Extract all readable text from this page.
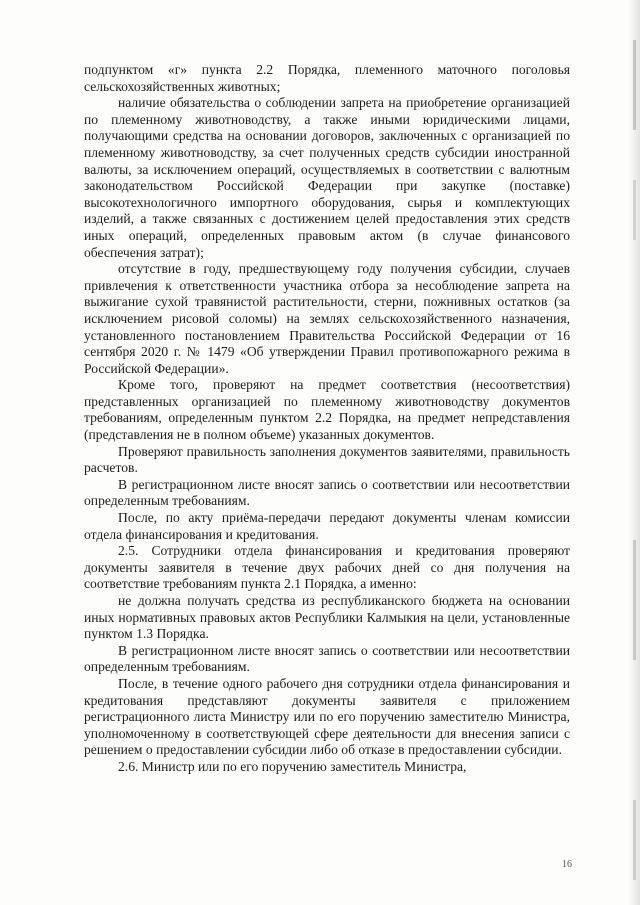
подпунктом «г» пункта 2.2 Порядка, племенного маточного поголовья сельскохозяйственных животных;

наличие обязательства о соблюдении запрета на приобретение организацией по племенному животноводству, а также иными юридическими лицами, получающими средства на основании договоров, заключенных с организацией по племенному животноводству, за счет полученных средств субсидии иностранной валюты, за исключением операций, осуществляемых в соответствии с валютным законодательством Российской Федерации при закупке (поставке) высокотехнологичного импортного оборудования, сырья и комплектующих изделий, а также связанных с достижением целей предоставления этих средств иных операций, определенных правовым актом (в случае финансового обеспечения затрат);

отсутствие в году, предшествующему году получения субсидии, случаев привлечения к ответственности участника отбора за несоблюдение запрета на выжигание сухой травянистой растительности, стерни, пожнивных остатков (за исключением рисовой соломы) на землях сельскохозяйственного назначения, установленного постановлением Правительства Российской Федерации от 16 сентября 2020 г. № 1479 «Об утверждении Правил противопожарного режима в Российской Федерации».

Кроме того, проверяют на предмет соответствия (несоответствия) представленных организацией по племенному животноводству документов требованиям, определенным пунктом 2.2 Порядка, на предмет непредставления (представления не в полном объеме) указанных документов.

Проверяют правильность заполнения документов заявителями, правильность расчетов.

В регистрационном листе вносят запись о соответствии или несоответствии определенным требованиям.

После, по акту приёма-передачи передают документы членам комиссии отдела финансирования и кредитования.

2.5. Сотрудники отдела финансирования и кредитования проверяют документы заявителя в течение двух рабочих дней со дня получения на соответствие требованиям пункта 2.1 Порядка, а именно:

не должна получать средства из республиканского бюджета на основании иных нормативных правовых актов Республики Калмыкия на цели, установленные пунктом 1.3 Порядка.

В регистрационном листе вносят запись о соответствии или несоответствии определенным требованиям.

После, в течение одного рабочего дня сотрудники отдела финансирования и кредитования представляют документы заявителя с приложением регистрационного листа Министру или по его поручению заместителю Министра, уполномоченному в соответствующей сфере деятельности для внесения записи с решением о предоставлении субсидии либо об отказе в предоставлении субсидии.

2.6. Министр или по его поручению заместитель Министра,

16
